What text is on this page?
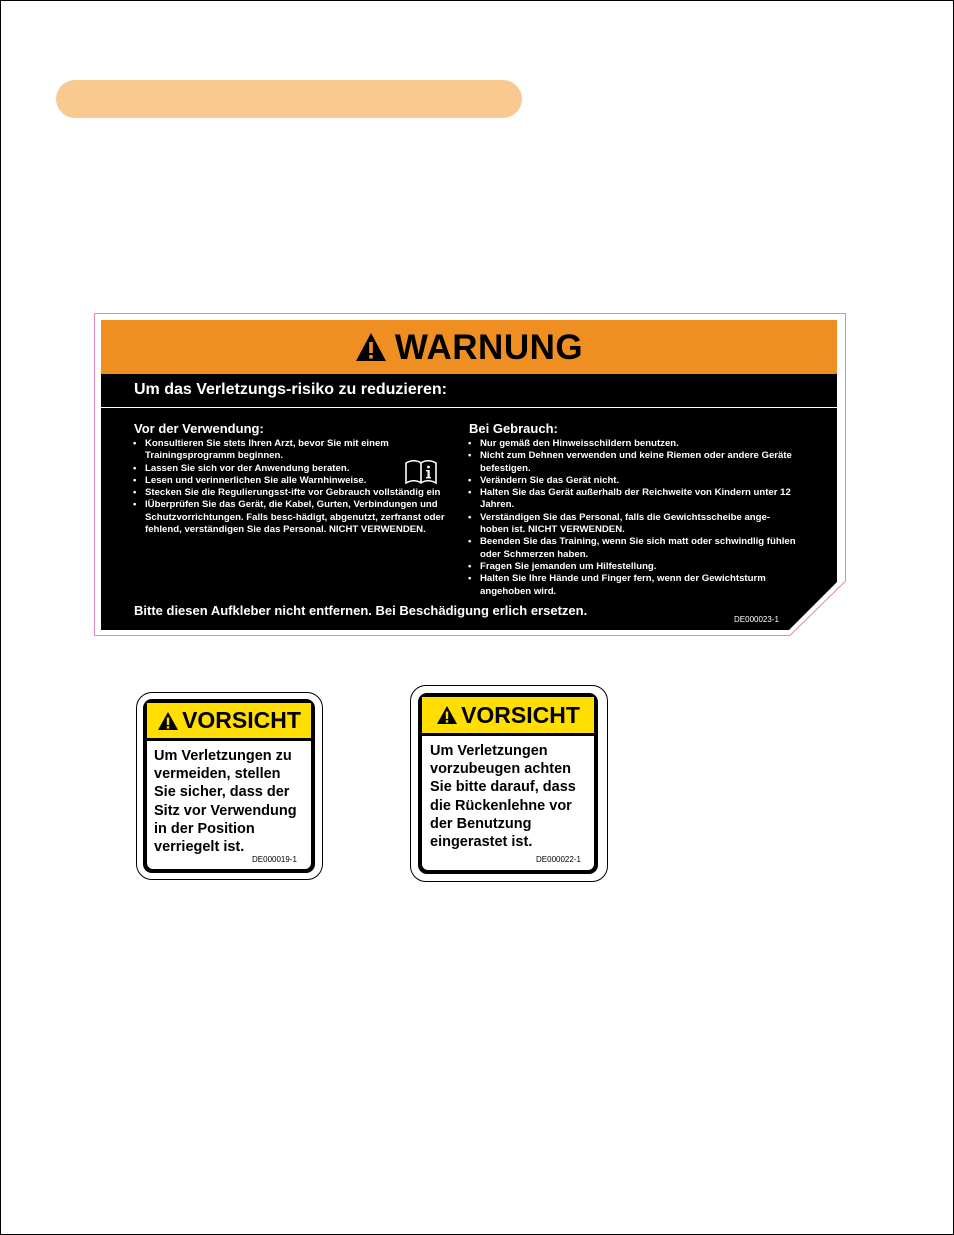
WARNUNG
Um das Verletzungs-risiko zu reduzieren:
Vor der Verwendung:
• Konsultieren Sie stets Ihren Arzt, bevor Sie mit einem Trainingsprogramm beginnen.
• Lassen Sie sich vor der Anwendung beraten.
• Lesen und verinnerlichen Sie alle Warnhinweise.
• Stecken Sie die Regulierungsst-ifte vor Gebrauch vollständig ein
• IÜberprüfen Sie das Gerät, die Kabel, Gurten, Verbindungen und Schutzvorrichtungen. Falls besc-hädigt, abgenutzt, zerfranst oder fehlend, verständigen Sie das Personal. NICHT VERWENDEN.
Bei Gebrauch:
• Nur gemäß den Hinweisschildern benutzen.
• Nicht zum Dehnen verwenden und keine Riemen oder andere Geräte befestigen.
• Verändern Sie das Gerät nicht.
• Halten Sie das Gerät außerhalb der Reichweite von Kindern unter 12 Jahren.
• Verständigen Sie das Personal, falls die Gewichtsscheibe ange-hoben ist. NICHT VERWENDEN.
• Beenden Sie das Training, wenn Sie sich matt oder schwindlig fühlen oder Schmerzen haben.
• Fragen Sie jemanden um Hilfestellung.
• Halten Sie Ihre Hände und Finger fern, wenn der Gewichtsturm angehoben wird.
Bitte diesen Aufkleber nicht entfernen. Bei Beschädigung erlich ersetzen.
DE000023-1
VORSICHT

Um Verletzungen zu
vermeiden, stellen
Sie sicher, dass der
Sitz vor Verwendung
in der Position
verriegelt ist.

DE000019-1
VORSICHT

Um Verletzungen
vorzubeugen achten
Sie bitte darauf, dass
die Rückenlehne vor
der Benutzung
eingerastet ist.

DE000022-1
